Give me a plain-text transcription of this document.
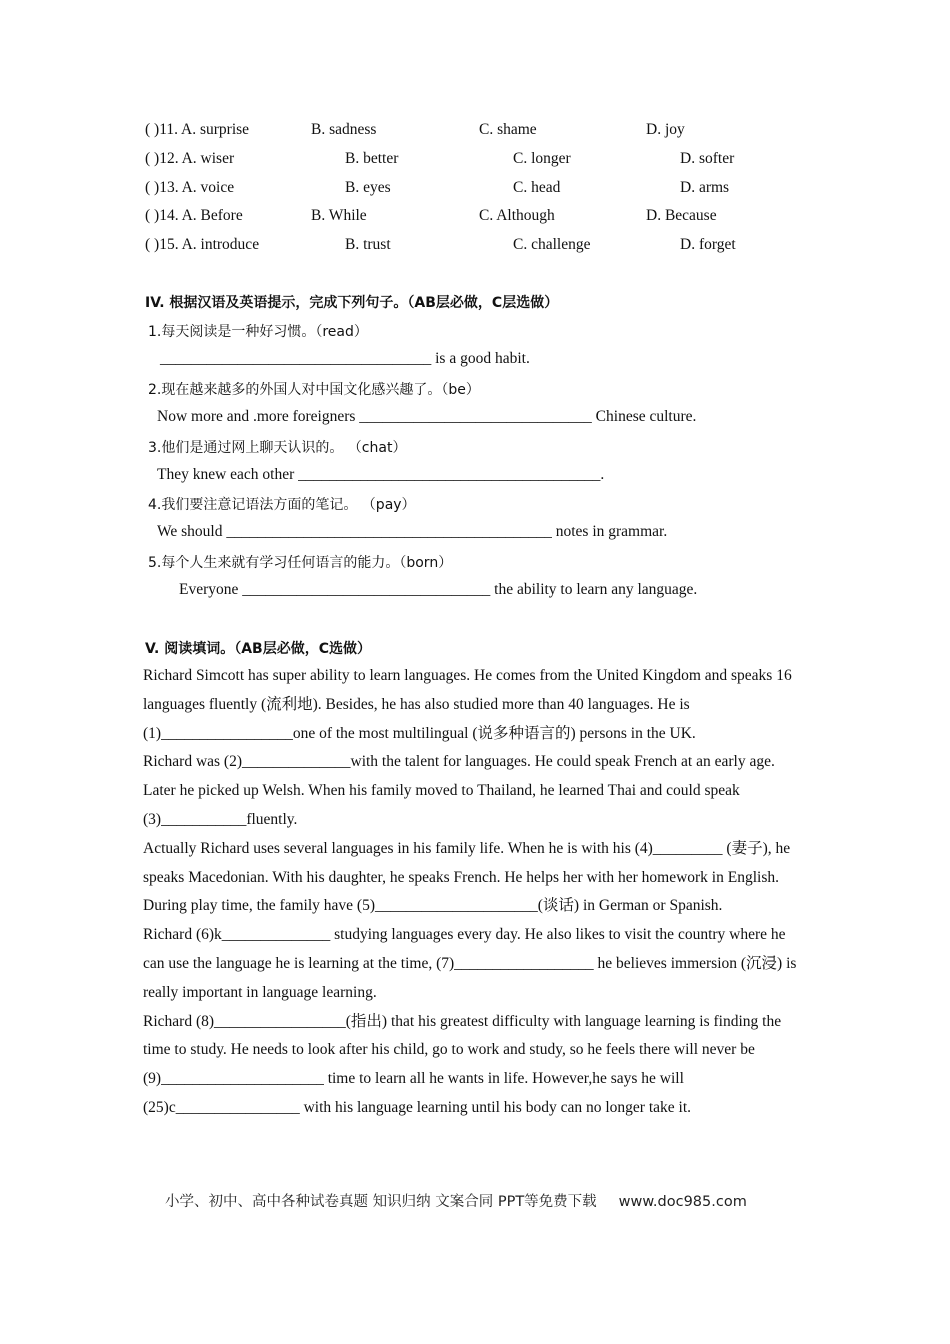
( )11. A. surprise	B. sadness	C. shame	D. joy
( )12. A. wiser	B. better	C. longer	D. softer
( )13. A. voice	B. eyes	C. head	D. arms
( )14. A. Before	B. While	C. Although	D. Because
( )15. A. introduce	B. trust	C. challenge	D. forget
IV. 根据汉语及英语提示，完成下列句子。（AB层必做，C层选做）
1.每天阅读是一种好习惯。（read）
___________________________________ is a good habit.
2.现在越来越多的外国人对中国文化感兴趣了。（be）
Now more and .more foreigners ______________________________ Chinese culture.
3.他们是通过网上聊天认识的。 （chat）
They knew each other _______________________________________.
4.我们要注意记语法方面的笔记。 （pay）
We should __________________________________________ notes in grammar.
5.每个人生来就有学习任何语言的能力。（born）
Everyone ________________________________ the ability to learn any language.
V. 阅读填词。（AB层必做，C选做）

Richard Simcott has super ability to learn languages. He comes from the United Kingdom and speaks 16 languages fluently (流利地). Besides, he has also studied more than 40 languages. He is (1)_________________one of the most multilingual (说多种语言的) persons in the UK.

Richard was (2)______________with the talent for languages. He could speak French at an early age. Later he picked up Welsh. When his family moved to Thailand, he learned Thai and could speak (3)___________fluently.

Actually Richard uses several languages in his family life. When he is with his (4)_________ (妻子), he speaks Macedonian. With his daughter, he speaks French. He helps her with her homework in English. During play time, the family have (5)_____________________(谈话) in German or Spanish.

Richard (6)k______________ studying languages every day. He also likes to visit the country where he can use the language he is learning at the time, (7)__________________ he believes immersion (沉浸) is really important in language learning.

Richard (8)_________________(指出) that his greatest difficulty with language learning is finding the time to study. He needs to look after his child, go to work and study, so he feels there will never be (9)_____________________ time to learn all he wants in life. However,he says he will (25)c________________ with his language learning until his body can no longer take it.

小学、初中、高中各种试卷真题 知识归纳 文案合同 PPT等免费下载 www.doc985.com
